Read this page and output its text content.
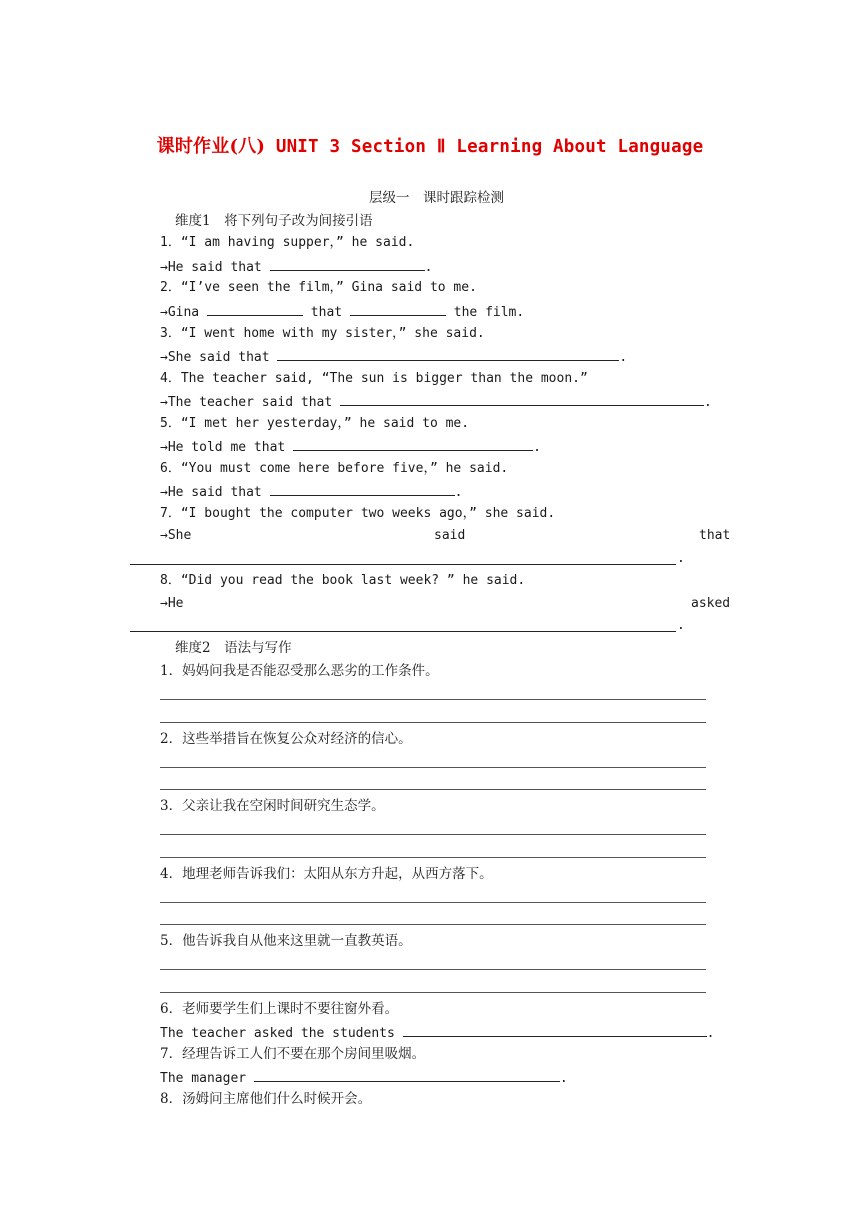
课时作业(八) UNIT 3 Section Ⅱ Learning About Language
层级一　课时跟踪检测
维度1　将下列句子改为间接引语
1．“I am having supper，” he said.
→He said that	.
2．“I’ve seen the film，” Gina said to me.
→Gina	that	the film.
3．“I went home with my sister，” she said.
→She said that	.
4．The teacher said, “The sun is bigger than the moon.”
→The teacher said that	.
5．“I met her yesterday，” he said to me.
→He told me that	.
6．“You must come here before five，” he said.
→He said that	.
7．“I bought the computer two weeks ago，” she said.
→She	said	that
.
8．“Did you read the book last week? ” he said.
→He	asked
.
维度2　语法与写作
1．妈妈问我是否能忍受那么恶劣的工作条件。
2．这些举措旨在恢复公众对经济的信心。
3．父亲让我在空闲时间研究生态学。
4．地理老师告诉我们：太阳从东方升起，从西方落下。
5．他告诉我自从他来这里就一直教英语。
6．老师要学生们上课时不要往窗外看。
The teacher asked the students	.
7．经理告诉工人们不要在那个房间里吸烟。
The manager	.
8．汤姆问主席他们什么时候开会。
